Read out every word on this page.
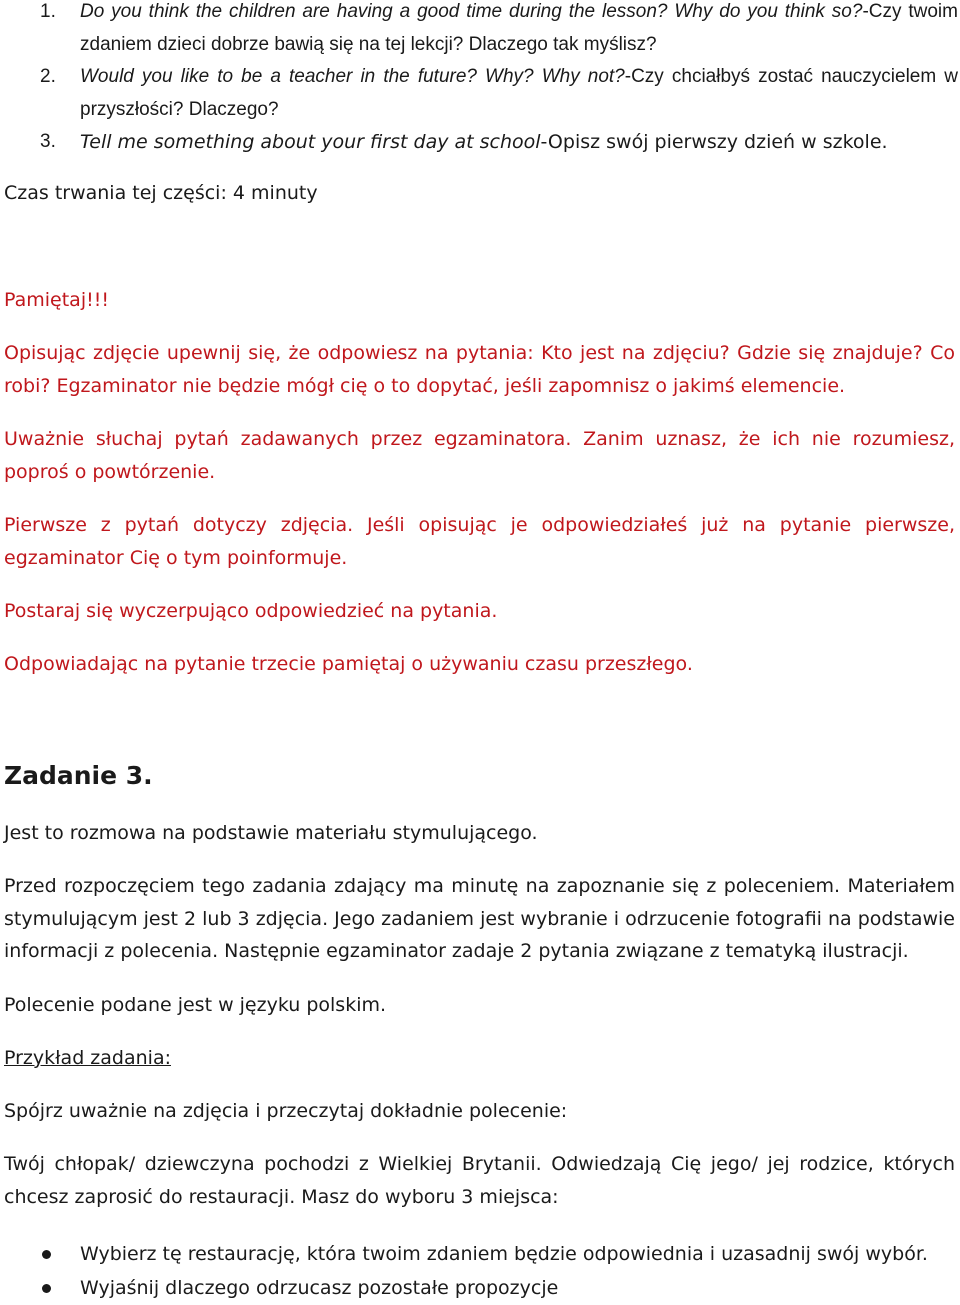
1.	Do you think the children are having a good time during the lesson? Why do you think so?-Czy twoim zdaniem dzieci dobrze bawią się na tej lekcji? Dlaczego tak myślisz?
2.	Would you like to be a teacher in the future? Why? Why not?-Czy chciałbyś zostać nauczycielem w przyszłości? Dlaczego?
3.	Tell me something about your first day at school-Opisz swój pierwszy dzień w szkole.

Czas trwania tej części: 4 minuty

Pamiętaj!!!

Opisując zdjęcie upewnij się, że odpowiesz na pytania: Kto jest na zdjęciu? Gdzie się znajduje? Co robi? Egzaminator nie będzie mógł cię o to dopytać, jeśli zapomnisz o jakimś elemencie.

Uważnie słuchaj pytań zadawanych przez egzaminatora. Zanim uznasz, że ich nie rozumiesz, poproś o powtórzenie.

Pierwsze z pytań dotyczy zdjęcia. Jeśli opisując je odpowiedziałeś już na pytanie pierwsze, egzaminator Cię o tym poinformuje.

Postaraj się wyczerpująco odpowiedzieć na pytania.

Odpowiadając na pytanie trzecie pamiętaj o używaniu czasu przeszłego.

Zadanie 3.

Jest to rozmowa na podstawie materiału stymulującego.

Przed rozpoczęciem tego zadania zdający ma minutę na zapoznanie się z poleceniem. Materiałem stymulującym jest 2 lub 3 zdjęcia. Jego zadaniem jest wybranie i odrzucenie fotografii na podstawie informacji z polecenia. Następnie egzaminator zadaje 2 pytania związane z tematyką ilustracji.

Polecenie podane jest w języku polskim.

Przykład zadania:

Spójrz uważnie na zdjęcia i przeczytaj dokładnie polecenie:

Twój chłopak/ dziewczyna pochodzi z Wielkiej Brytanii. Odwiedzają Cię jego/ jej rodzice, których chcesz zaprosić do restauracji. Masz do wyboru 3 miejsca:

Wybierz tę restaurację, która twoim zdaniem będzie odpowiednia i uzasadnij swój wybór.
Wyjaśnij dlaczego odrzucasz pozostałe propozycje
